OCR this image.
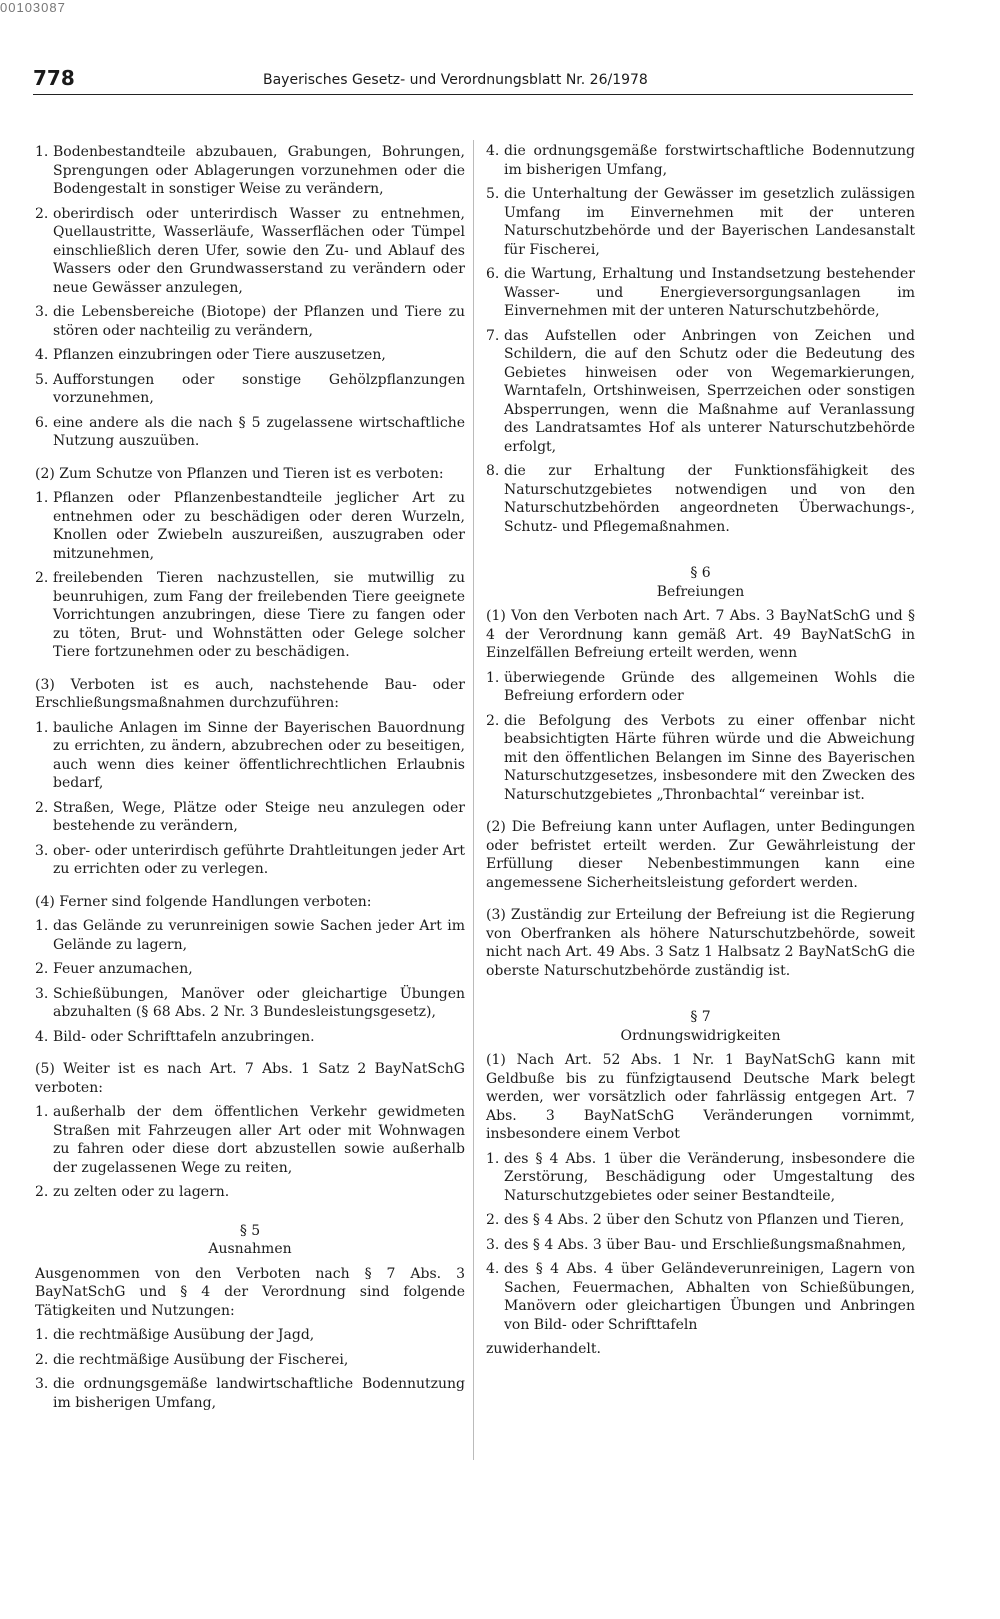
00103087
778	Bayerisches Gesetz- und Verordnungsblatt Nr. 26/1978
1. Bodenbestandteile abzubauen, Grabungen, Bohrungen, Sprengungen oder Ablagerungen vorzunehmen oder die Bodengestalt in sonstiger Weise zu verändern,
2. oberirdisch oder unterirdisch Wasser zu entnehmen, Quellaustritte, Wasserläufe, Wasserflächen oder Tümpel einschließlich deren Ufer, sowie den Zu- und Ablauf des Wassers oder den Grundwasserstand zu verändern oder neue Gewässer anzulegen,
3. die Lebensbereiche (Biotope) der Pflanzen und Tiere zu stören oder nachteilig zu verändern,
4. Pflanzen einzubringen oder Tiere auszusetzen,
5. Aufforstungen oder sonstige Gehölzpflanzungen vorzunehmen,
6. eine andere als die nach § 5 zugelassene wirtschaftliche Nutzung auszuüben.

(2) Zum Schutze von Pflanzen und Tieren ist es verboten:

1. Pflanzen oder Pflanzenbestandteile jeglicher Art zu entnehmen oder zu beschädigen oder deren Wurzeln, Knollen oder Zwiebeln auszureißen, auszugraben oder mitzunehmen,
2. freilebenden Tieren nachzustellen, sie mutwillig zu beunruhigen, zum Fang der freilebenden Tiere geeignete Vorrichtungen anzubringen, diese Tiere zu fangen oder zu töten, Brut- und Wohnstätten oder Gelege solcher Tiere fortzunehmen oder zu beschädigen.

(3) Verboten ist es auch, nachstehende Bau- oder Erschließungsmaßnahmen durchzuführen:

1. bauliche Anlagen im Sinne der Bayerischen Bauordnung zu errichten, zu ändern, abzubrechen oder zu beseitigen, auch wenn dies keiner öffentlichrechtlichen Erlaubnis bedarf,
2. Straßen, Wege, Plätze oder Steige neu anzulegen oder bestehende zu verändern,
3. ober- oder unterirdisch geführte Drahtleitungen jeder Art zu errichten oder zu verlegen.

(4) Ferner sind folgende Handlungen verboten:

1. das Gelände zu verunreinigen sowie Sachen jeder Art im Gelände zu lagern,
2. Feuer anzumachen,
3. Schießübungen, Manöver oder gleichartige Übungen abzuhalten (§ 68 Abs. 2 Nr. 3 Bundesleistungsgesetz),
4. Bild- oder Schrifttafeln anzubringen.

(5) Weiter ist es nach Art. 7 Abs. 1 Satz 2 BayNatSchG verboten:

1. außerhalb der dem öffentlichen Verkehr gewidmeten Straßen mit Fahrzeugen aller Art oder mit Wohnwagen zu fahren oder diese dort abzustellen sowie außerhalb der zugelassenen Wege zu reiten,
2. zu zelten oder zu lagern.
§ 5
Ausnahmen

Ausgenommen von den Verboten nach § 7 Abs. 3 BayNatSchG und § 4 der Verordnung sind folgende Tätigkeiten und Nutzungen:

1. die rechtmäßige Ausübung der Jagd,
2. die rechtmäßige Ausübung der Fischerei,
3. die ordnungsgemäße landwirtschaftliche Bodennutzung im bisherigen Umfang,
4. die ordnungsgemäße forstwirtschaftliche Bodennutzung im bisherigen Umfang,
5. die Unterhaltung der Gewässer im gesetzlich zulässigen Umfang im Einvernehmen mit der unteren Naturschutzbehörde und der Bayerischen Landesanstalt für Fischerei,
6. die Wartung, Erhaltung und Instandsetzung bestehender Wasser- und Energieversorgungsanlagen im Einvernehmen mit der unteren Naturschutzbehörde,
7. das Aufstellen oder Anbringen von Zeichen und Schildern, die auf den Schutz oder die Bedeutung des Gebietes hinweisen oder von Wegemarkierungen, Warntafeln, Ortshinweisen, Sperrzeichen oder sonstigen Absperrungen, wenn die Maßnahme auf Veranlassung des Landratsamtes Hof als unterer Naturschutzbehörde erfolgt,
8. die zur Erhaltung der Funktionsfähigkeit des Naturschutzgebietes notwendigen und von den Naturschutzbehörden angeordneten Überwachungs-, Schutz- und Pflegemaßnahmen.
§ 6
Befreiungen

(1) Von den Verboten nach Art. 7 Abs. 3 BayNatSchG und § 4 der Verordnung kann gemäß Art. 49 BayNatSchG in Einzelfällen Befreiung erteilt werden, wenn

1. überwiegende Gründe des allgemeinen Wohls die Befreiung erfordern oder
2. die Befolgung des Verbots zu einer offenbar nicht beabsichtigten Härte führen würde und die Abweichung mit den öffentlichen Belangen im Sinne des Bayerischen Naturschutzgesetzes, insbesondere mit den Zwecken des Naturschutzgebietes „Thronbachtal“ vereinbar ist.

(2) Die Befreiung kann unter Auflagen, unter Bedingungen oder befristet erteilt werden. Zur Gewährleistung der Erfüllung dieser Nebenbestimmungen kann eine angemessene Sicherheitsleistung gefordert werden.

(3) Zuständig zur Erteilung der Befreiung ist die Regierung von Oberfranken als höhere Naturschutzbehörde, soweit nicht nach Art. 49 Abs. 3 Satz 1 Halbsatz 2 BayNatSchG die oberste Naturschutzbehörde zuständig ist.

§ 7
Ordnungswidrigkeiten

(1) Nach Art. 52 Abs. 1 Nr. 1 BayNatSchG kann mit Geldbuße bis zu fünfzigtausend Deutsche Mark belegt werden, wer vorsätzlich oder fahrlässig entgegen Art. 7 Abs. 3 BayNatSchG Veränderungen vornimmt, insbesondere einem Verbot

1. des § 4 Abs. 1 über die Veränderung, insbesondere die Zerstörung, Beschädigung oder Umgestaltung des Naturschutzgebietes oder seiner Bestandteile,
2. des § 4 Abs. 2 über den Schutz von Pflanzen und Tieren,
3. des § 4 Abs. 3 über Bau- und Erschließungsmaßnahmen,
4. des § 4 Abs. 4 über Geländeverunreinigen, Lagern von Sachen, Feuermachen, Abhalten von Schießübungen, Manövern oder gleichartigen Übungen und Anbringen von Bild- oder Schrifttafeln

zuwiderhandelt.
